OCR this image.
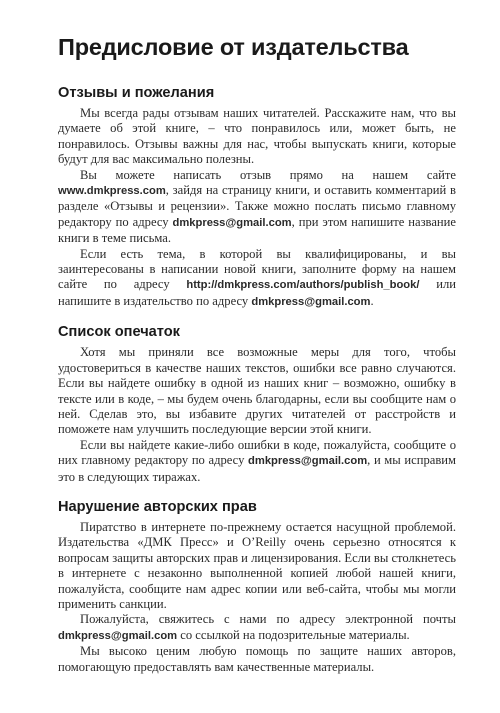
Предисловие от издательства
Отзывы и пожелания

Мы всегда рады отзывам наших читателей. Расскажите нам, что вы думаете об этой книге, – что понравилось или, может быть, не понравилось. Отзывы важны для нас, чтобы выпускать книги, которые будут для вас максимально полезны.

Вы можете написать отзыв прямо на нашем сайте www.dmkpress.com, зайдя на страницу книги, и оставить комментарий в разделе «Отзывы и рецензии». Также можно послать письмо главному редактору по адресу dmkpress@gmail.com, при этом напишите название книги в теме письма.

Если есть тема, в которой вы квалифицированы, и вы заинтересованы в написании новой книги, заполните форму на нашем сайте по адресу http://dmkpress.com/authors/publish_book/ или напишите в издательство по адресу dmkpress@gmail.com.

Список опечаток

Хотя мы приняли все возможные меры для того, чтобы удостовериться в качестве наших текстов, ошибки все равно случаются. Если вы найдете ошибку в одной из наших книг – возможно, ошибку в тексте или в коде, – мы будем очень благодарны, если вы сообщите нам о ней. Сделав это, вы избавите других читателей от расстройств и поможете нам улучшить последующие версии этой книги.

Если вы найдете какие-либо ошибки в коде, пожалуйста, сообщите о них главному редактору по адресу dmkpress@gmail.com, и мы исправим это в следующих тиражах.

Нарушение авторских прав

Пиратство в интернете по-прежнему остается насущной проблемой. Издательства «ДМК Пресс» и O’Reilly очень серьезно относятся к вопросам защиты авторских прав и лицензирования. Если вы столкнетесь в интернете с незаконно выполненной копией любой нашей книги, пожалуйста, сообщите нам адрес копии или веб-сайта, чтобы мы могли применить санкции.

Пожалуйста, свяжитесь с нами по адресу электронной почты dmkpress@gmail.com со ссылкой на подозрительные материалы.

Мы высоко ценим любую помощь по защите наших авторов, помогающую предоставлять вам качественные материалы.
